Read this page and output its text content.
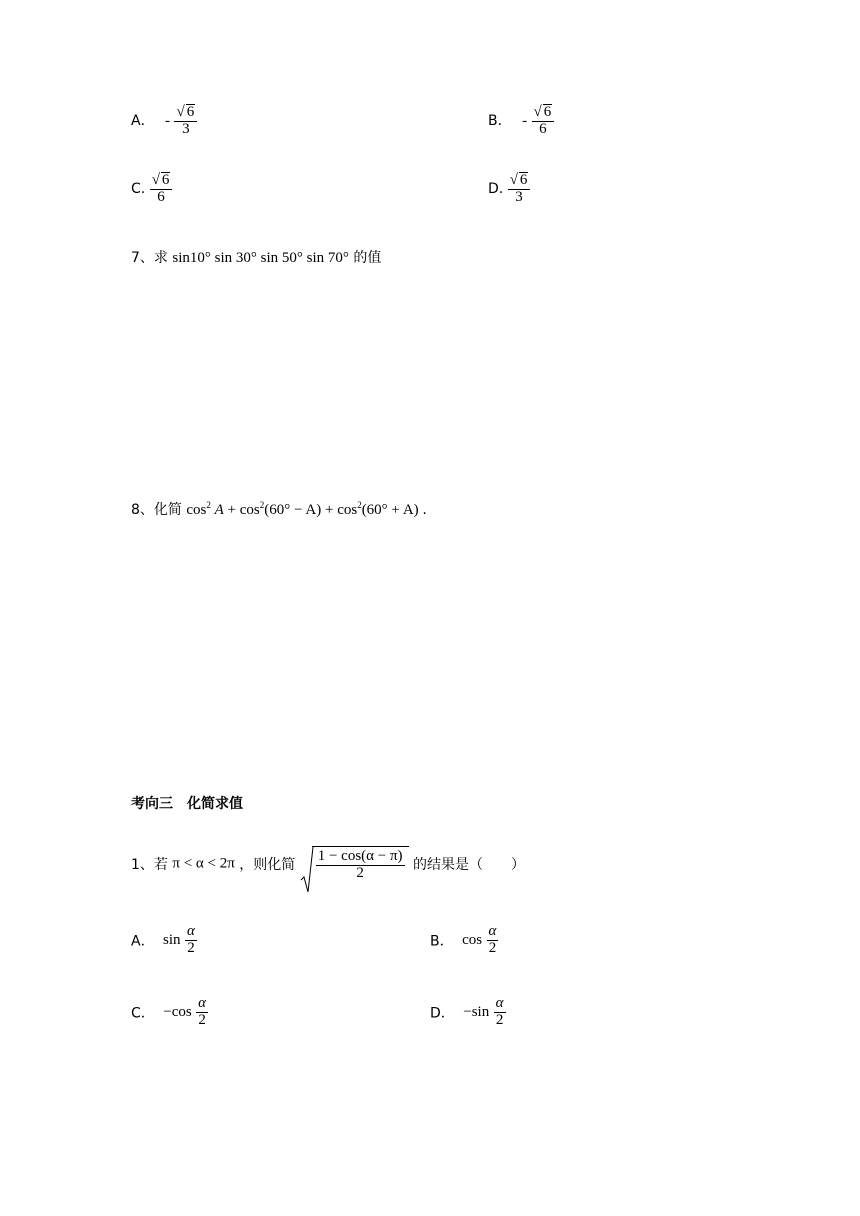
A． - $\frac{√ 6}{3}$	B． - $\frac{√ 6}{6}$
C. $\frac{√ 6}{6}$	D. $\frac{√ 6}{3}$
7、求 sin10° sin 30° sin 50° sin 70° 的值
8、化简 $\cos^2 A + \cos^2(60^\circ - A) + \cos^2(60^\circ + A)$ .
考向三　化简求值
1、若 π < α < 2π ，则化简 $\frac{1 - \cos(\alpha - \pi)}{2}$ 的结果是（　　）
A． $\sin \frac{\alpha}{2}$	B． $\cos \frac{\alpha}{2}$
C． $-\cos \frac{\alpha}{2}$	D． $-\sin \frac{\alpha}{2}$
